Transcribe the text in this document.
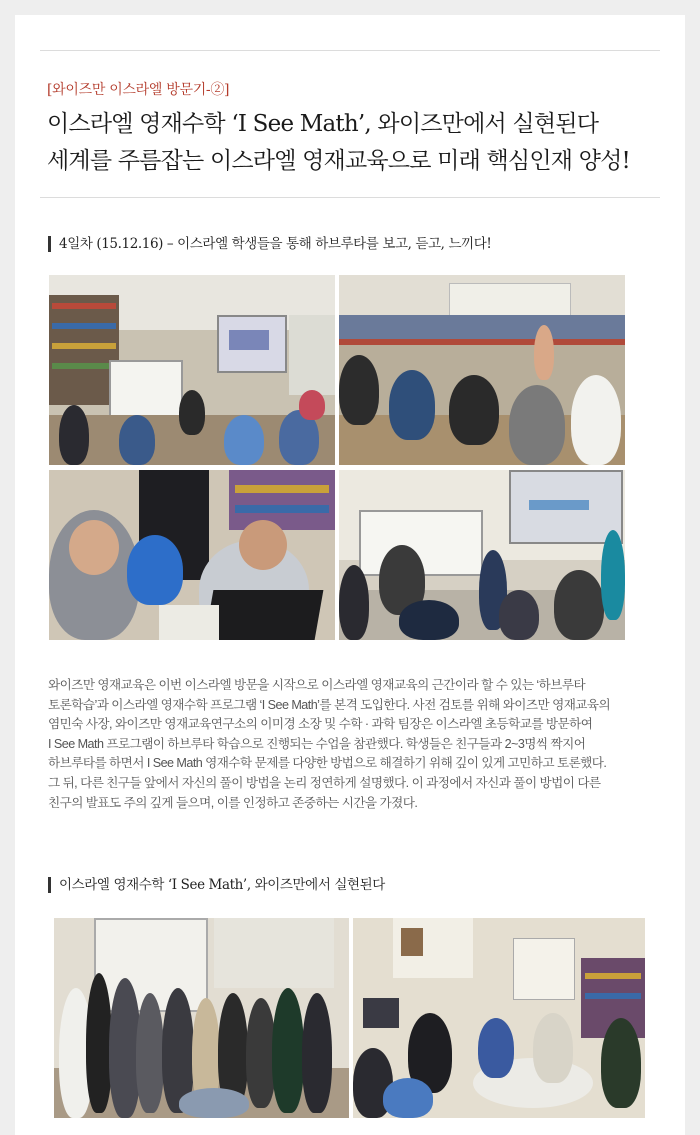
[와이즈만 이스라엘 방문기-②]
이스라엘 영재수학 ‘I See Math’, 와이즈만에서 실현된다
세계를 주름잡는 이스라엘 영재교육으로 미래 핵심인재 양성!
4일차 (15.12.16) – 이스라엘 학생들을 통해 하브루타를 보고, 듣고, 느끼다!
와이즈만 영재교육은 이번 이스라엘 방문을 시작으로 이스라엘 영재교육의 근간이라 할 수 있는 ‘하브루타
토론학습’과 이스라엘 영재수학 프로그램 ‘I See Math’를 본격 도입한다. 사전 검토를 위해 와이즈만 영재교육의
염민숙 사장, 와이즈만 영재교육연구소의 이미경 소장 및 수학 · 과학 팀장은 이스라엘 초등학교를 방문하여
I See Math 프로그램이 하브루타 학습으로 진행되는 수업을 참관했다. 학생들은 친구들과 2~3명씩 짝지어
하브루타를 하면서 I See Math 영재수학 문제를 다양한 방법으로 해결하기 위해 깊이 있게 고민하고 토론했다.
그 뒤, 다른 친구들 앞에서 자신의 풀이 방법을 논리 정연하게 설명했다. 이 과정에서 자신과 풀이 방법이 다른
친구의 발표도 주의 깊게 들으며, 이를 인정하고 존중하는 시간을 가졌다.
이스라엘 영재수학 ‘I See Math’, 와이즈만에서 실현된다
